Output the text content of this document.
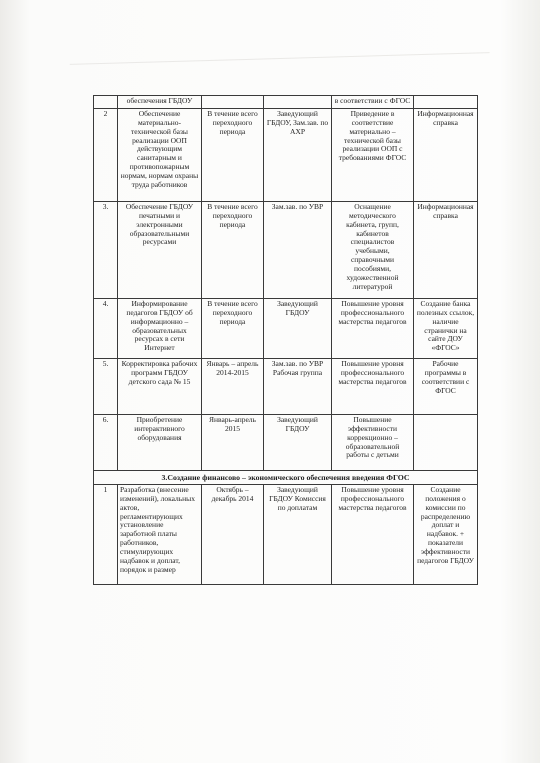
	обеспечения ГБДОУ			в соответствии с ФГОС	
2	Обеспечение материально-технической базы реализации ООП действующим санитарным и противопожарным нормам, нормам охраны труда работников	В течение всего переходного периода	Заведующий ГБДОУ, Зам.зав. по АХР	Приведение в соответствие материально – технической базы реализации ООП с требованиями ФГОС	Информационная справка
3.	Обеспечение ГБДОУ печатными и электронными образовательными ресурсами	В течение всего переходного периода	Зам.зав. по УВР	Оснащение методического кабинета, групп, кабинетов специалистов учебными, справочными пособиями, художественной литературой	Информационная справка
4.	Информирование педагогов ГБДОУ об информационно – образовательных ресурсах в сети Интернет	В течение всего переходного периода	Заведующий ГБДОУ	Повышение уровня профессионального мастерства педагогов	Создание банка полезных ссылок, наличие странички на сайте ДОУ «ФГОС»
5.	Корректировка рабочих программ ГБДОУ детского сада № 15	Январь – апрель 2014-2015	Зам.зав. по УВР Рабочая группа	Повышение уровня профессионального мастерства педагогов	Рабочие программы в соответствии с ФГОС
6.	Приобретение интерактивного оборудования	Январь-апрель 2015	Заведующий ГБДОУ	Повышение эффективности коррекционно – образовательной работы с детьми	
3.Создание финансово – экономического обеспечения введения ФГОС					
1	Разработка (внесение изменений), локальных актов, регламентирующих установление заработной платы работников, стимулирующих надбавок и доплат, порядок и размер	Октябрь – декабрь 2014	Заведующий ГБДОУ Комиссия по доплатам	Повышение уровня профессионального мастерства педагогов	Создание положения о комиссии по распределению доплат и надбавок. + показатели эффективности педагогов ГБДОУ
